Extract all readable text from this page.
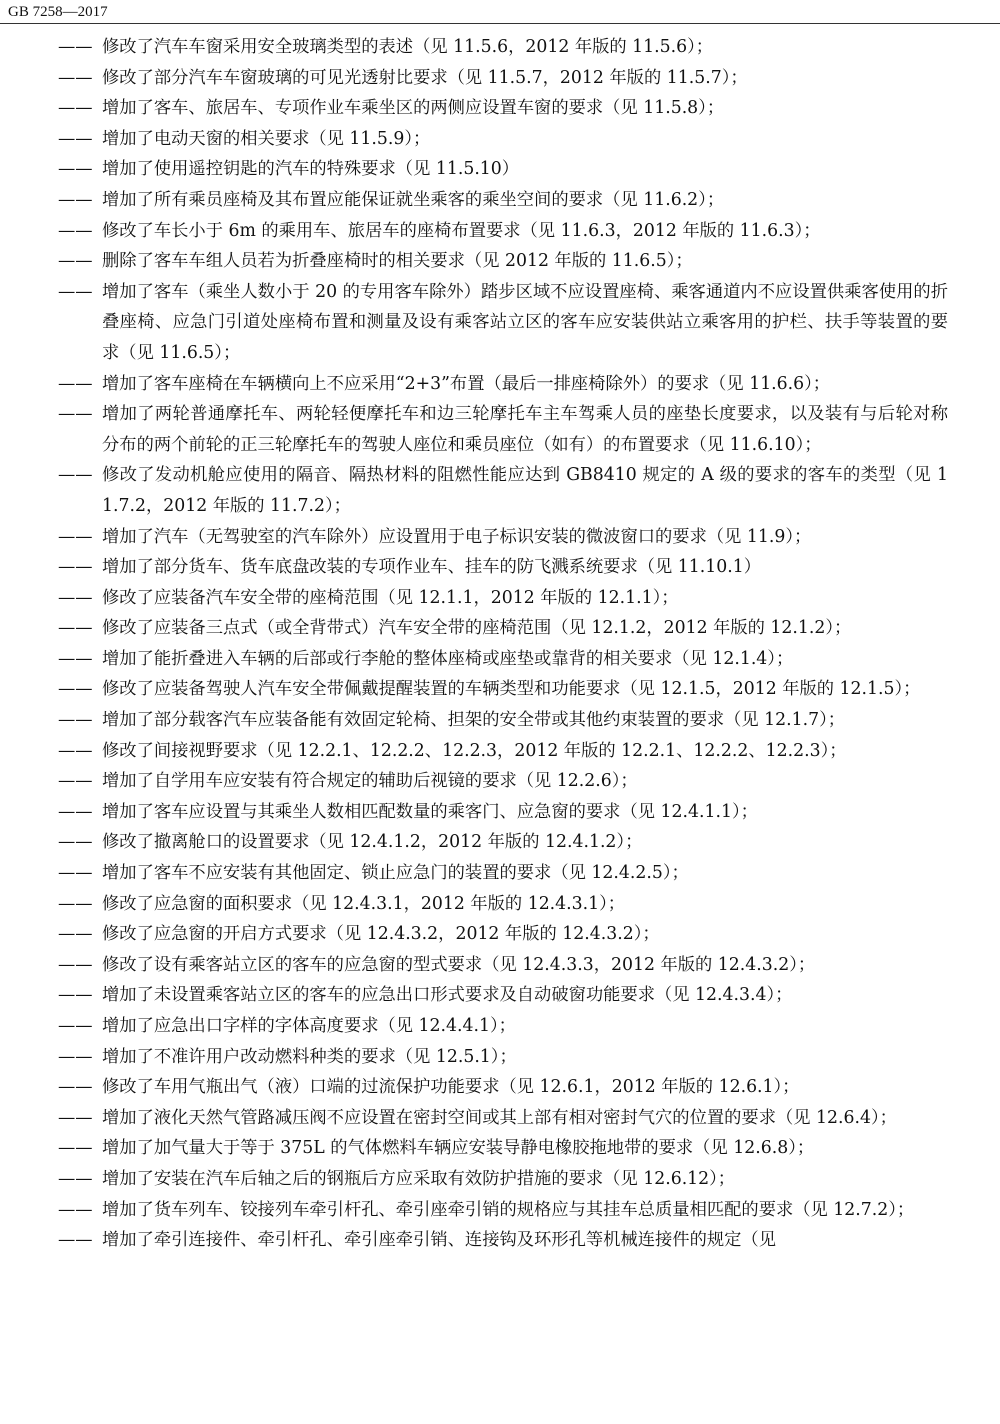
GB 7258—2017
—— 修改了汽车车窗采用安全玻璃类型的表述（见 11.5.6，2012 年版的 11.5.6）；
—— 修改了部分汽车车窗玻璃的可见光透射比要求（见 11.5.7，2012 年版的 11.5.7）；
—— 增加了客车、旅居车、专项作业车乘坐区的两侧应设置车窗的要求（见 11.5.8）；
—— 增加了电动天窗的相关要求（见 11.5.9）；
—— 增加了使用遥控钥匙的汽车的特殊要求（见 11.5.10）
—— 增加了所有乘员座椅及其布置应能保证就坐乘客的乘坐空间的要求（见 11.6.2）；
—— 修改了车长小于 6m 的乘用车、旅居车的座椅布置要求（见 11.6.3，2012 年版的 11.6.3）；
—— 删除了客车车组人员若为折叠座椅时的相关要求（见 2012 年版的 11.6.5）；
—— 增加了客车（乘坐人数小于 20 的专用客车除外）踏步区域不应设置座椅、乘客通道内不应设置供乘客使用的折叠座椅、应急门引道处座椅布置和测量及设有乘客站立区的客车应安装供站立乘客用的护栏、扶手等装置的要求（见 11.6.5）；
—— 增加了客车座椅在车辆横向上不应采用“2+3”布置（最后一排座椅除外）的要求（见 11.6.6）；
—— 增加了两轮普通摩托车、两轮轻便摩托车和边三轮摩托车主车驾乘人员的座垫长度要求，以及装有与后轮对称分布的两个前轮的正三轮摩托车的驾驶人座位和乘员座位（如有）的布置要求（见 11.6.10）；
—— 修改了发动机舱应使用的隔音、隔热材料的阻燃性能应达到 GB8410 规定的 A 级的要求的客车的类型（见 11.7.2，2012 年版的 11.7.2）；
—— 增加了汽车（无驾驶室的汽车除外）应设置用于电子标识安装的微波窗口的要求（见 11.9）；
—— 增加了部分货车、货车底盘改装的专项作业车、挂车的防飞溅系统要求（见 11.10.1）
—— 修改了应装备汽车安全带的座椅范围（见 12.1.1，2012 年版的 12.1.1）；
—— 修改了应装备三点式（或全背带式）汽车安全带的座椅范围（见 12.1.2，2012 年版的 12.1.2）；
—— 增加了能折叠进入车辆的后部或行李舱的整体座椅或座垫或靠背的相关要求（见 12.1.4）；
—— 修改了应装备驾驶人汽车安全带佩戴提醒装置的车辆类型和功能要求（见 12.1.5，2012 年版的 12.1.5）；
—— 增加了部分载客汽车应装备能有效固定轮椅、担架的安全带或其他约束装置的要求（见 12.1.7）；
—— 修改了间接视野要求（见 12.2.1、12.2.2、12.2.3，2012 年版的 12.2.1、12.2.2、12.2.3）；
—— 增加了自学用车应安装有符合规定的辅助后视镜的要求（见 12.2.6）；
—— 增加了客车应设置与其乘坐人数相匹配数量的乘客门、应急窗的要求（见 12.4.1.1）；
—— 修改了撤离舱口的设置要求（见 12.4.1.2，2012 年版的 12.4.1.2）；
—— 增加了客车不应安装有其他固定、锁止应急门的装置的要求（见 12.4.2.5）；
—— 修改了应急窗的面积要求（见 12.4.3.1，2012 年版的 12.4.3.1）；
—— 修改了应急窗的开启方式要求（见 12.4.3.2，2012 年版的 12.4.3.2）；
—— 修改了设有乘客站立区的客车的应急窗的型式要求（见 12.4.3.3，2012 年版的 12.4.3.2）；
—— 增加了未设置乘客站立区的客车的应急出口形式要求及自动破窗功能要求（见 12.4.3.4）；
—— 增加了应急出口字样的字体高度要求（见 12.4.4.1）；
—— 增加了不准许用户改动燃料种类的要求（见 12.5.1）；
—— 修改了车用气瓶出气（液）口端的过流保护功能要求（见 12.6.1，2012 年版的 12.6.1）；
—— 增加了液化天然气管路减压阀不应设置在密封空间或其上部有相对密封气穴的位置的要求（见 12.6.4）；
—— 增加了加气量大于等于 375L 的气体燃料车辆应安装导静电橡胶拖地带的要求（见 12.6.8）；
—— 增加了安装在汽车后轴之后的钢瓶后方应采取有效防护措施的要求（见 12.6.12）；
—— 增加了货车列车、铰接列车牵引杆孔、牵引座牵引销的规格应与其挂车总质量相匹配的要求（见 12.7.2）；
—— 增加了牵引连接件、牵引杆孔、牵引座牵引销、连接钩及环形孔等机械连接件的规定（见
